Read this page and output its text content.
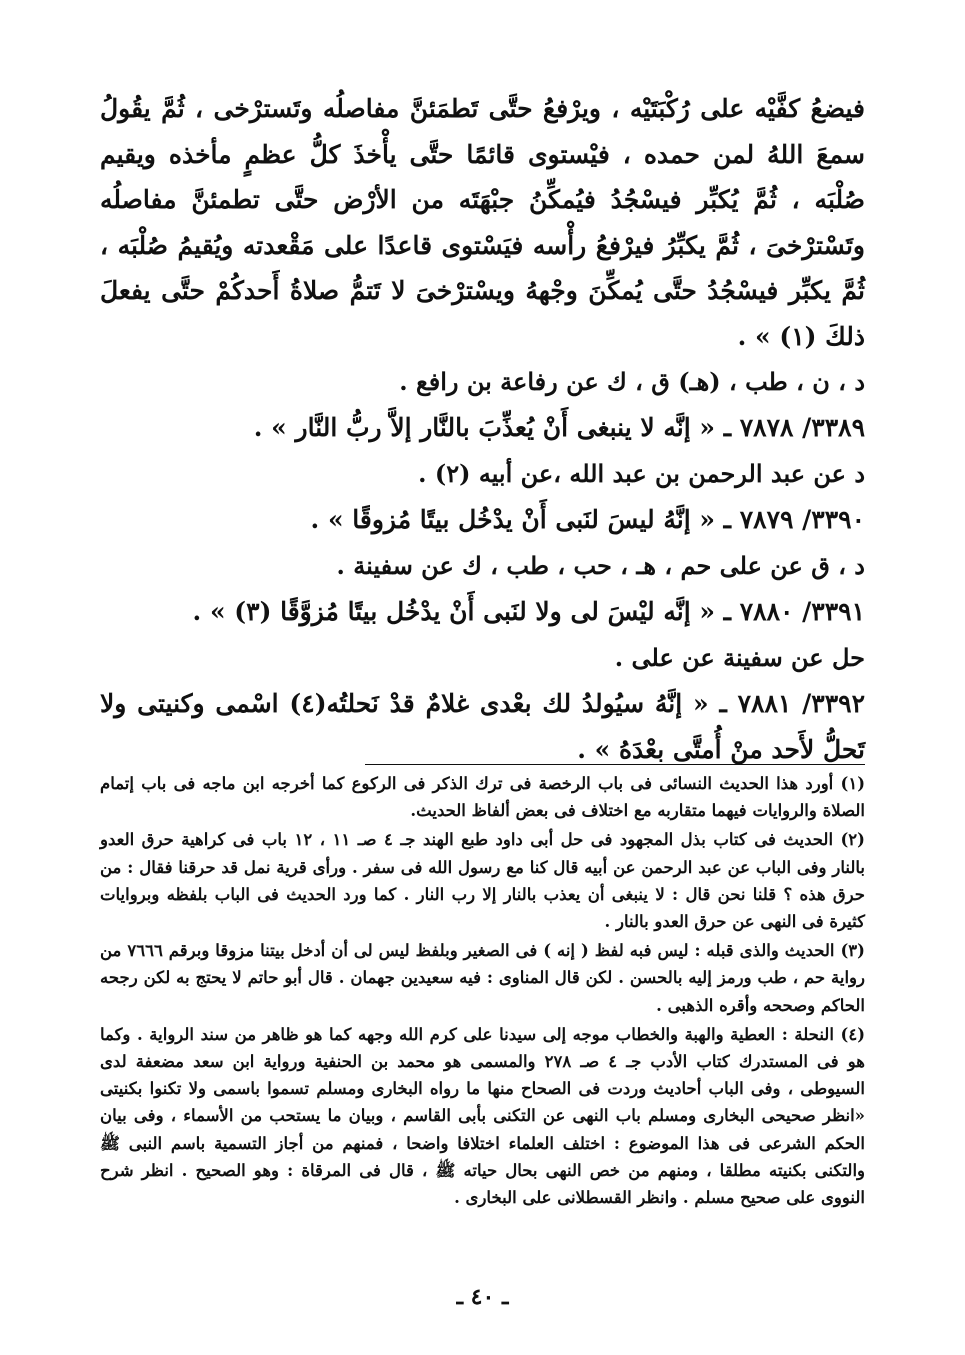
فيضعُ كفَّيْه على رُكْبَتَيْه ، ويرْفعُ حتَّى تَطمَئنَّ مفاصلُه وتَسترْخى ، ثُمَّ يقُولُ سمعَ اللهُ لمن حمده ، فيْستوى قائمًا حتَّى يأْخذَ كلُّ عظمٍ مأخذه ويقيم صُلْبَه ، ثُمَّ يُكبِّر فيسْجُدُ فيُمكِّنُ جبْهَتَه من الأرْض حتَّى تطمئنَّ مفاصلُه وتَسْترْخىَ ، ثُمَّ يكبِّرُ فيرْفعُ رأْسه فيَسْتوى قاعدًا على مَقْعدته ويُقيمُ صُلْبَه ، ثُمَّ يكبِّر فيسْجُدُ حتَّى يُمكِّنَ وجْههُ ويسْترْخىَ لا تَتمُّ صلاةُ أَحدكُمْ حتَّى يفعلَ ذلكَ (١) » .

د ، ن ، طب ، (هـ) ق ، ك عن رفاعة بن رافع .

٣٣٨٩/ ٧٨٧٨ ـ « إنَّه لا ينبغى أَنْ يُعذِّبَ بالنَّار إلاَّ ربُّ النَّار » .

د عن عبد الرحمن بن عبد الله ،عن أبيه (٢) .

٣٣٩٠/ ٧٨٧٩ ـ « إنَّهُ ليسَ لنَبى أَنْ يدْخُل بيتًا مُزوقًا » .

د ، ق عن على حم ، هـ ، حب ، طب ، ك عن سفينة .

٣٣٩١/ ٧٨٨٠ ـ « إنَّه ليْسَ لى ولا لنَبى أَنْ يدْخُل بيتًا مُزوَّقًا (٣) » .

حل عن سفينة عن على .

٣٣٩٢/ ٧٨٨١ ـ « إنَّهُ سيُولدُ لك بعْدى غلامٌ قدْ نَحلتُه(٤) اسْمى وكنيتى ولا تَحلُّ لأَحد منْ أُمتَّى بعْدَهُ » .

(١) أورد هذا الحديث النسائى فى باب الرخصة فى ترك الذكر فى الركوع كما أخرجه ابن ماجه فى باب إتمام الصلاة والروايات فيهما متقاربه مع اختلاف فى بعض ألفاظ الحديث.

(٢) الحديث فى كتاب بذل المجهود فى حل أبى داود طبع الهند جـ ٤ صـ ١١ ، ١٢ باب فى كراهية حرق العدو بالنار وفى الباب عن عبد الرحمن عن أبيه قال كنا مع رسول الله فى سفر . ورأى قرية نمل قد حرقنا فقال : من حرق هذه ؟ قلنا نحن قال : لا ينبغى أن يعذب بالنار إلا رب النار . كما ورد الحديث فى الباب بلفظه وبروايات كثيرة فى النهى عن حرق العدو بالنار .

(٣) الحديث والذى قبله : ليس فبه لفظ ( إنه ) فى الصغير وبلفظ ليس لى أن أدخل بيتنا مزوقا وبرقم ٧٦٦٦ من رواية حم ، طب ورمز إليه بالحسن . لكن قال المناوى : فيه سعيدين جهمان . قال أبو حاتم لا يحتج به لكن رجحه الحاكم وصححه وأقره الذهبى .

(٤) النحلة : العطية والهبة والخطاب موجه إلى سيدنا على كرم الله وجهه كما هو ظاهر من سند الرواية . وكما هو فى المستدرك كتاب الأدب جـ ٤ صـ ٢٧٨ والمسمى هو محمد بن الحنفية ورواية ابن سعد مضعفة لدى السيوطى ، وفى الباب أحاديث وردت فى الصحاح منها ما رواه البخارى ومسلم تسموا باسمى ولا تكنوا بكنيتى «انظر صحيحى البخارى ومسلم باب النهى عن التكنى بأبى القاسم ، وبيان ما يستحب من الأسماء ، وفى بيان الحكم الشرعى فى هذا الموضوع : اختلف العلماء اختلافا واضحا ، فمنهم من أجاز التسمية باسم النبى ﷺ والتكنى بكنيته مطلقا ، ومنهم من خص النهى بحال حياته ﷺ ، قال فى المرقاة : وهو الصحيح . انظر شرح النووى على صحيح مسلم . وانظر القسطلانى على البخارى .

ـ ٤٠ ـ
